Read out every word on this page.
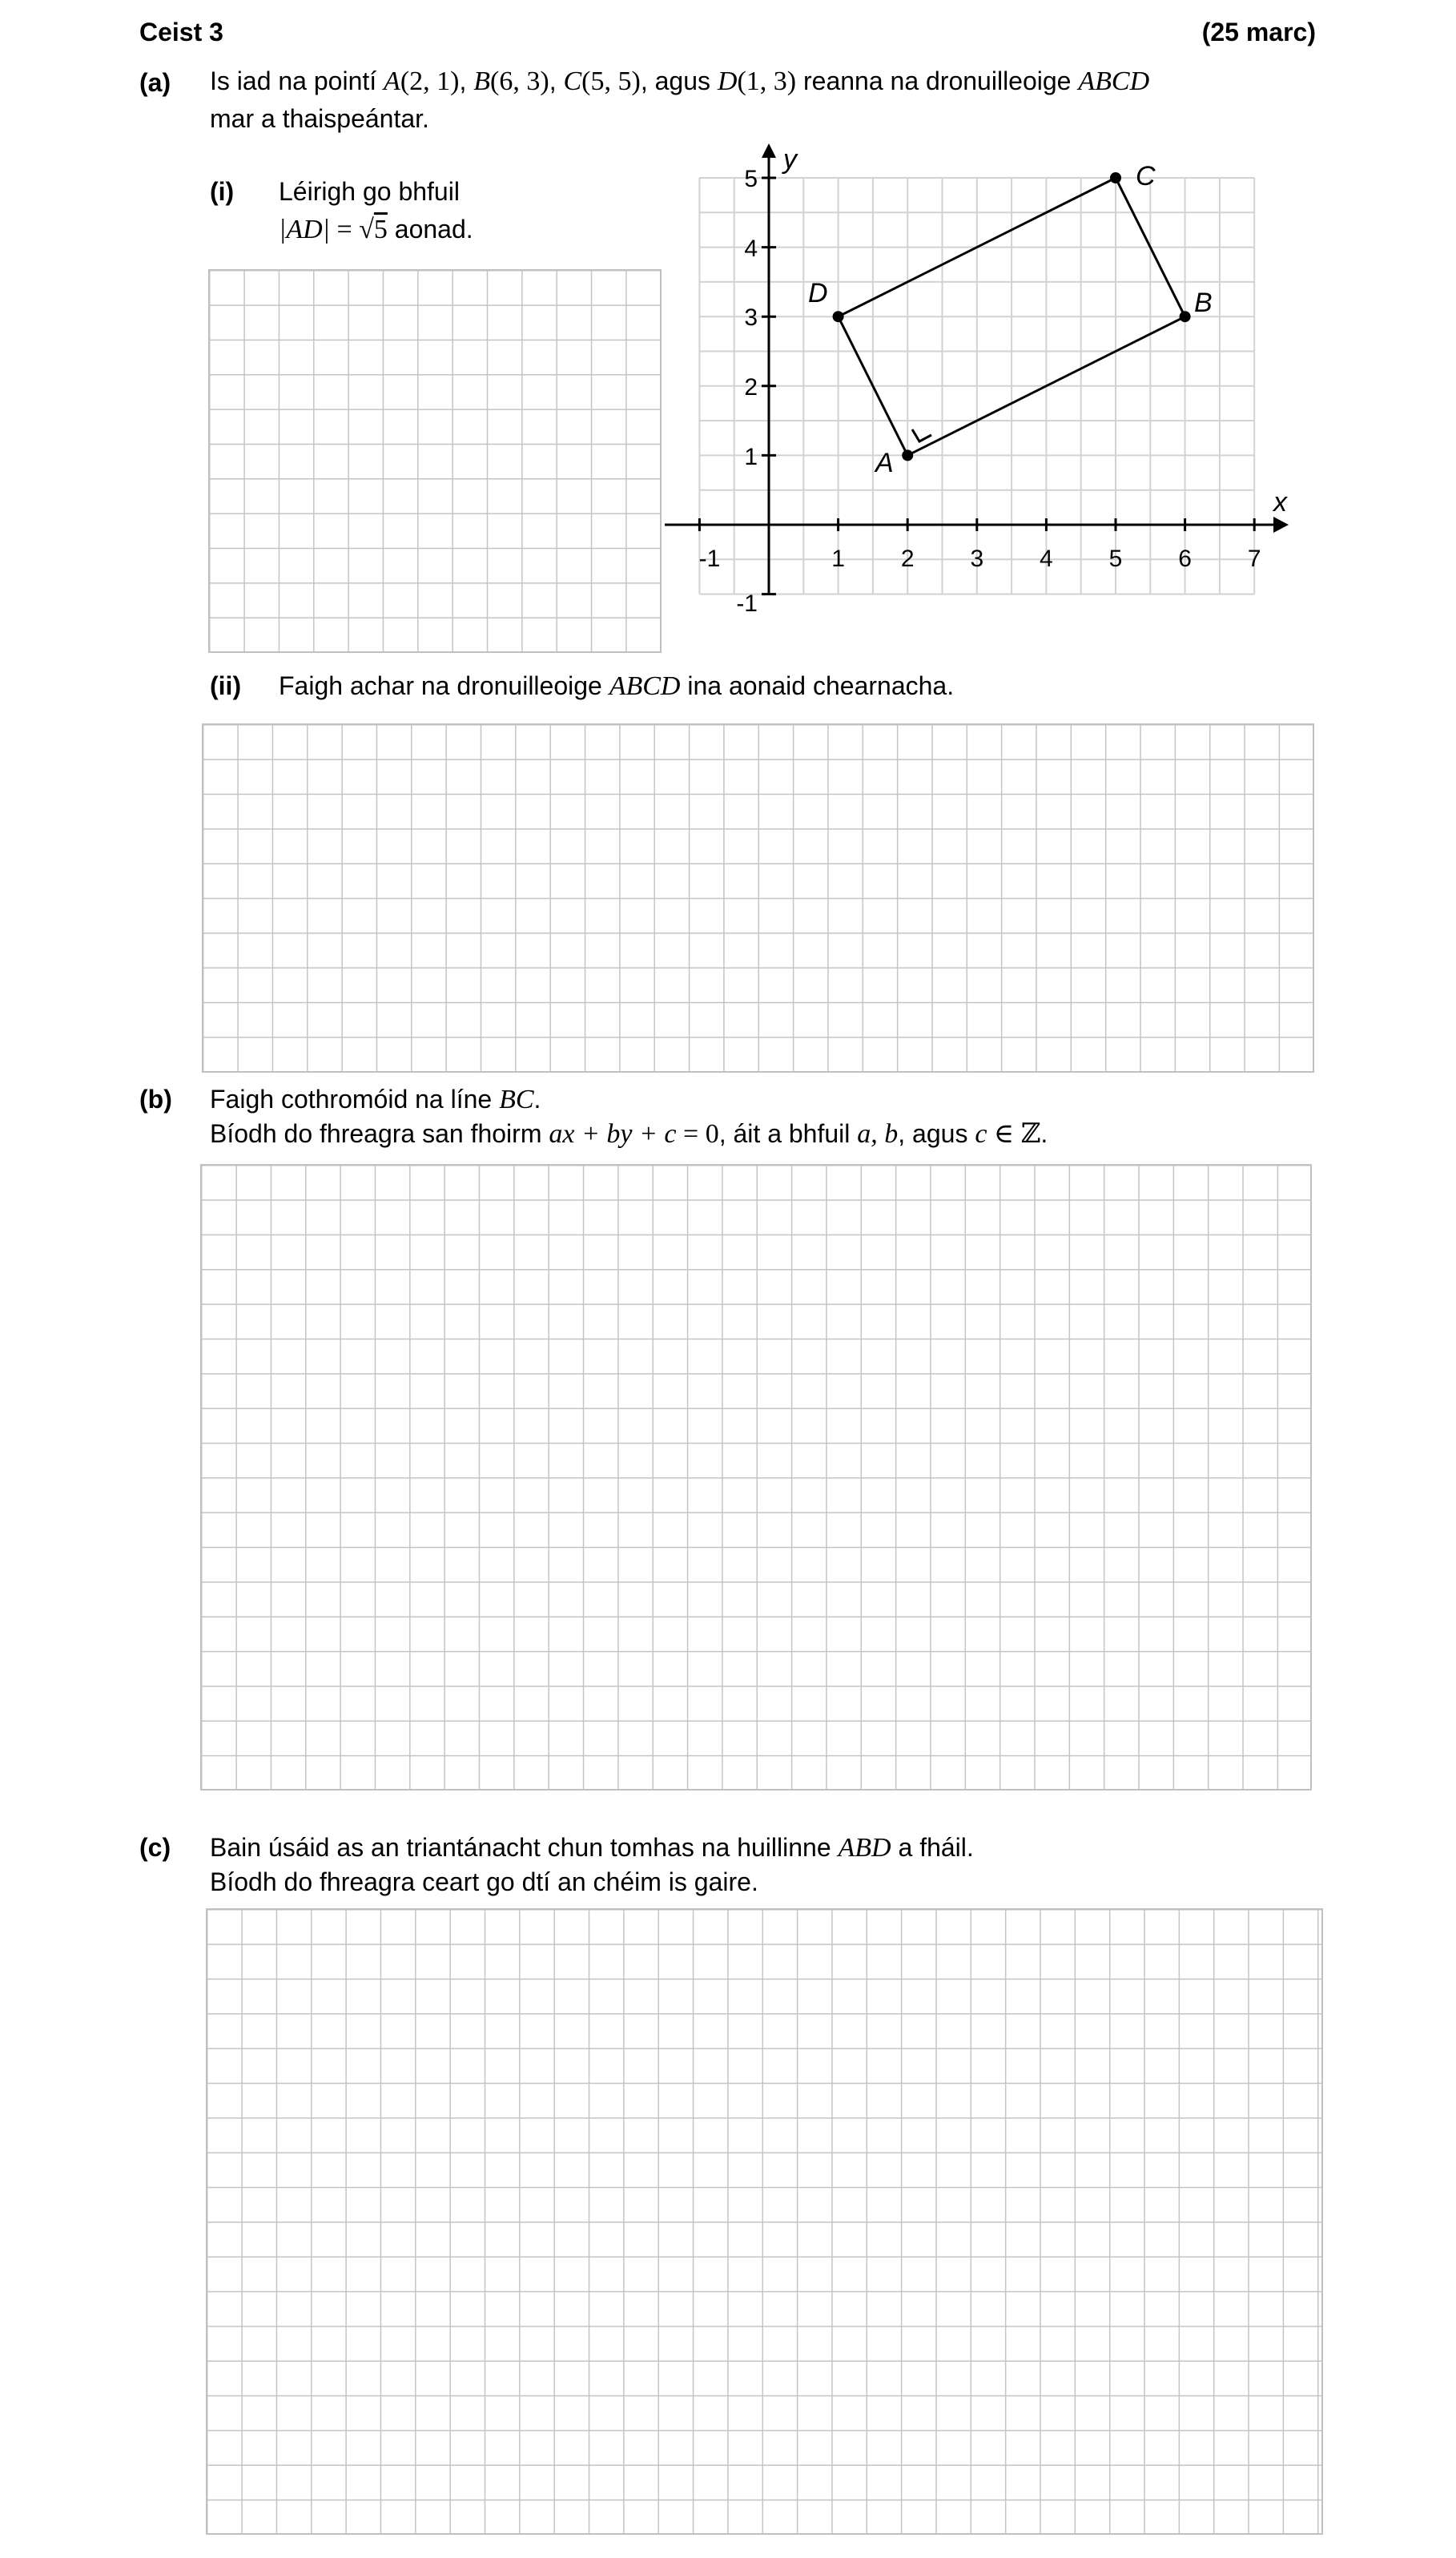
Ceist 3	(25 marc)
(a) Is iad na pointí A(2, 1), B(6, 3), C(5, 5), agus D(1, 3) reanna na dronuilleoige ABCD
mar a thaispeántar.
(i) Léirigh go bhfuil
|AD| = √5 aonad.
-1	1 2 3 4 5 6 7
5
4
3
2
1
-1
y
x
A
B
C
D
(ii) Faigh achar na dronuilleoige ABCD ina aonaid chearnacha.
(b) Faigh cothromóid na líne BC.
Bíodh do fhreagra san fhoirm ax + by + c = 0, áit a bhfuil a, b, agus c ∈ ℤ.
(c) Bain úsáid as an triantánacht chun tomhas na huillinne ABD a fháil.
Bíodh do fhreagra ceart go dtí an chéim is gaire.
